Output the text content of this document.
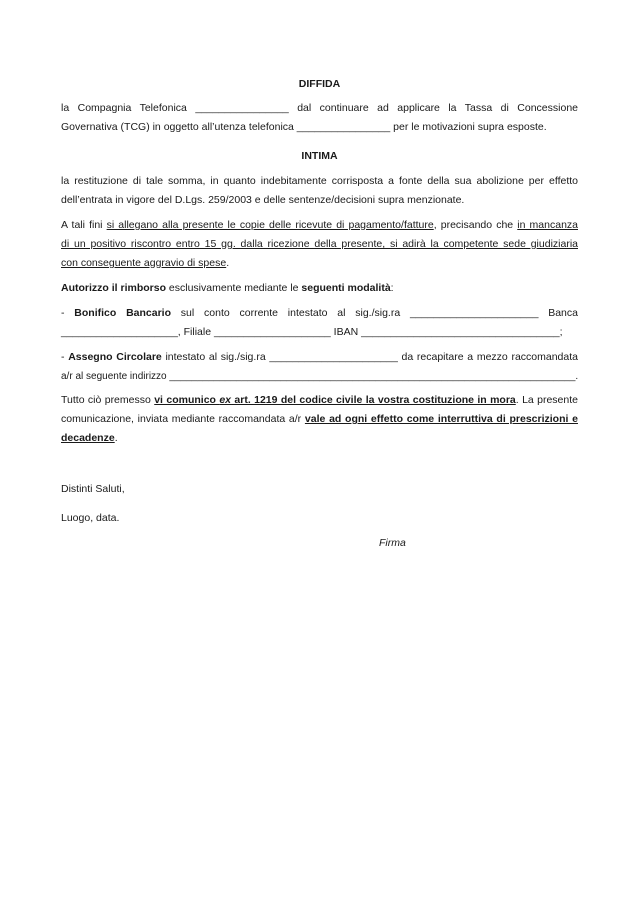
DIFFIDA
la Compagnia Telefonica ________________ dal continuare ad applicare la Tassa di Concessione
Governativa (TCG) in oggetto all’utenza telefonica ________________ per le motivazioni supra esposte.
INTIMA
la restituzione di tale somma, in quanto indebitamente corrisposta a fonte della sua abolizione per effetto
dell’entrata in vigore del D.Lgs. 259/2003 e delle sentenze/decisioni supra menzionate.
A tali fini si allegano alla presente le copie delle ricevute di pagamento/fatture, precisando che in mancanza
di un positivo riscontro entro 15 gg. dalla ricezione della presente, si adirà la competente sede giudiziaria
con conseguente aggravio di spese.
Autorizzo il rimborso esclusivamente mediante le seguenti modalità:
- Bonifico Bancario sul conto corrente intestato al sig./sig.ra ______________________ Banca
____________________, Filiale ____________________ IBAN __________________________________;
- Assegno Circolare intestato al sig./sig.ra ______________________ da recapitare a mezzo raccomandata
a/r al seguente indirizzo _________________________________________________________________________.
Tutto ciò premesso vi comunico ex art. 1219 del codice civile la vostra costituzione in mora. La presente
comunicazione, inviata mediante raccomandata a/r vale ad ogni effetto come interruttiva di prescrizioni e
decadenze.
Distinti Saluti,
Luogo, data.
Firma
